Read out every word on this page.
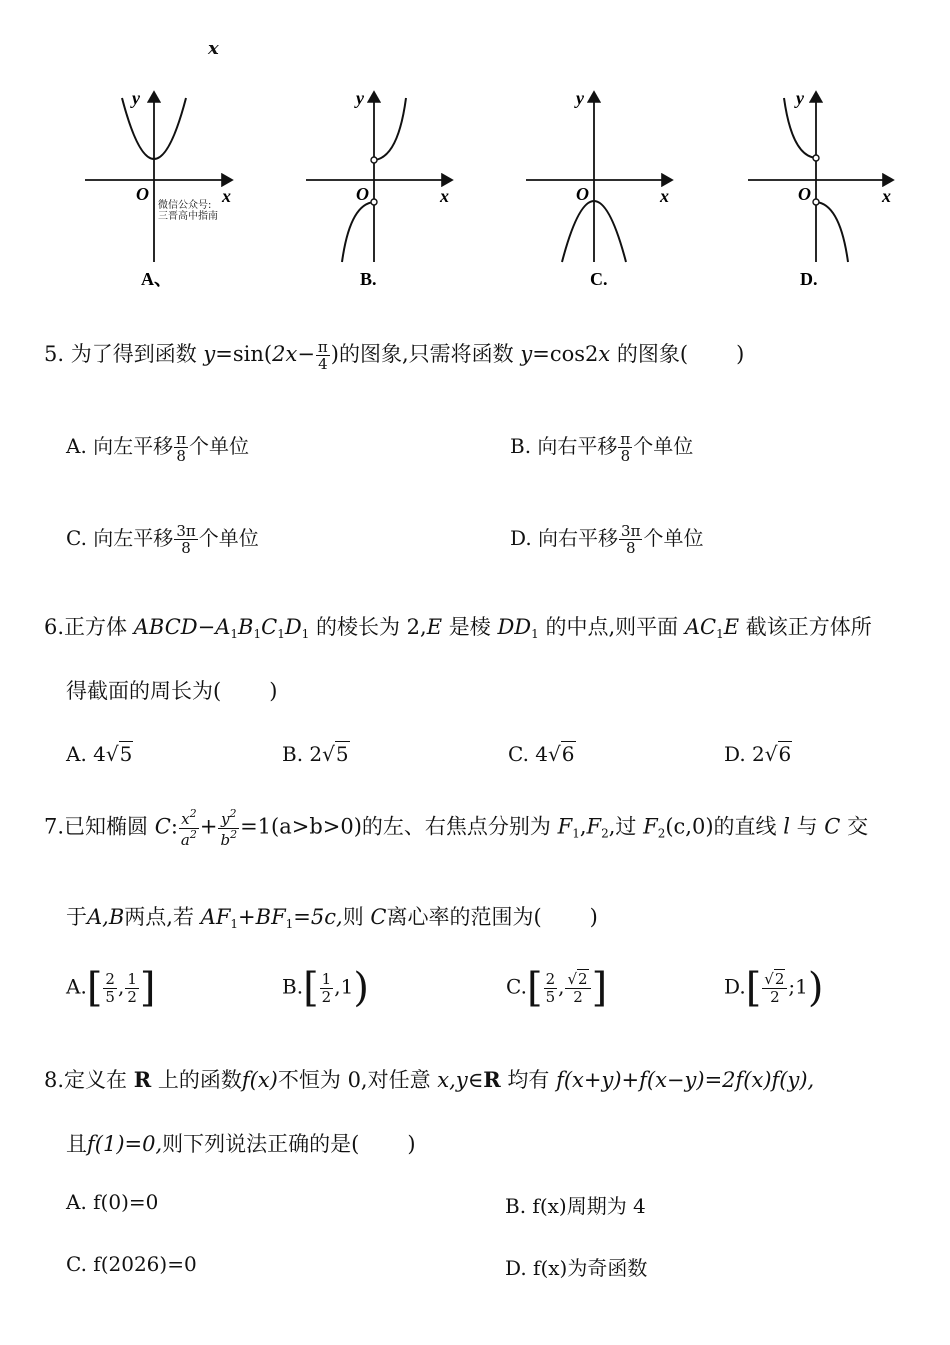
x
y
O	x
A、
y
O	x
B.
y
O	x
C.
y
O	x
D.
微信公众号:
三晋高中指南
5. 为了得到函数 $y=\sin(2x- \frac{\pi}{4}$ )的图象,只需将函数 y=cos2x 的图象( )
A. 向左平移 $\frac{\pi}{8}$ 个单位	B. 向右平移 $\frac{\pi}{8}$ 个单位
C. 向左平移 $\frac{3\pi}{8}$ 个单位	D. 向右平移 $\frac{3\pi}{8}$ 个单位
6.正方体 $ABCD-A_1B_1C_1D_1$ 的棱长为 2,E 是棱 $DD_1$ 的中点,则平面 $AC_1E$ 截该正方体所
得截面的周长为( )
A. 4√5	B. 2√5	C. 4√6	D. 2√6
7.已知椭圆 C: $\frac{x^2}{a^2} + \frac{y^2}{b^2} =1(a>b>0)$的左、右焦点分别为 $F_1,F_2$,过 $F_2(c,0)$的直线 l 与 C 交
于A,B两点,若 $AF_1+BF_1=5c$,则 C离心率的范围为( )
$A.[ \frac{2}{5}$ , $\frac{1}{2}$ ]	$B.[ \frac{1}{2} ,1)$	$C.[ \frac{2}{5}$ , $\frac{√2}{2}$ ]	$D.[ \frac{√2}{2}$ ;1)
8.定义在 R 上的函数f(x)不恒为 0,对任意 x,y∈R 均有 f(x+y)+f(x−y)=2f(x)f(y),
且f(1)=0,则下列说法正确的是( )
A. f(0)=0	B. f(x)周期为 4
C. f(2026)=0	D. f(x)为奇函数
